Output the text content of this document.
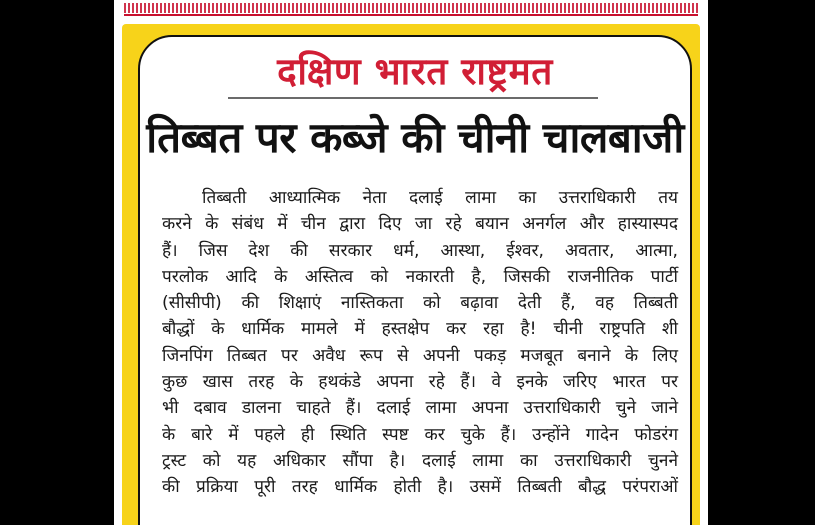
दक्षिण भारत राष्ट्रमत
तिब्बत पर कब्जे की चीनी चालबाजी
तिब्बती आध्यात्मिक नेता दलाई लामा का उत्तराधिकारी तय
करने के संबंध में चीन द्वारा दिए जा रहे बयान अनर्गल और हास्यास्पद
हैं। जिस देश की सरकार धर्म, आस्था, ईश्वर, अवतार, आत्मा,
परलोक आदि के अस्तित्व को नकारती है, जिसकी राजनीतिक पार्टी
(सीसीपी) की शिक्षाएं नास्तिकता को बढ़ावा देती हैं, वह तिब्बती
बौद्धों के धार्मिक मामले में हस्तक्षेप कर रहा है! चीनी राष्ट्रपति शी
जिनपिंग तिब्बत पर अवैध रूप से अपनी पकड़ मजबूत बनाने के लिए
कुछ खास तरह के हथकंडे अपना रहे हैं। वे इनके जरिए भारत पर
भी दबाव डालना चाहते हैं। दलाई लामा अपना उत्तराधिकारी चुने जाने
के बारे में पहले ही स्थिति स्पष्ट कर चुके हैं। उन्होंने गादेन फोडरंग
ट्रस्ट को यह अधिकार सौंपा है। दलाई लामा का उत्तराधिकारी चुनने
की प्रक्रिया पूरी तरह धार्मिक होती है। उसमें तिब्बती बौद्ध परंपराओं
